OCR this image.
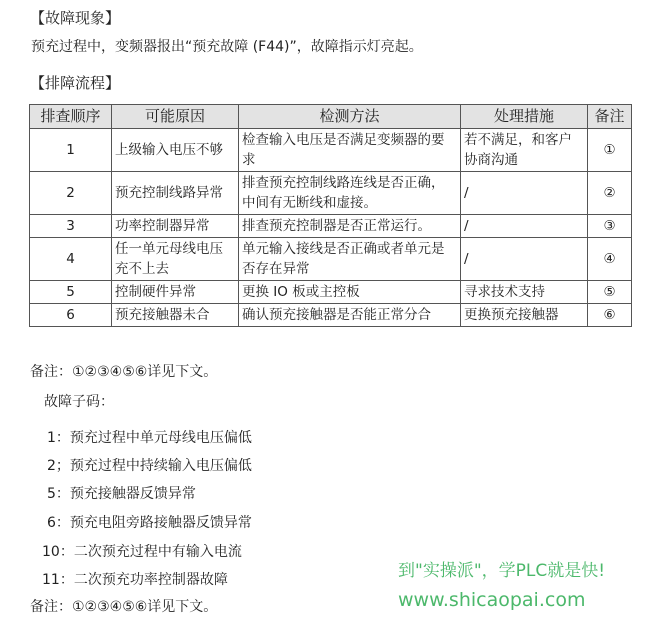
【故障现象】
预充过程中，变频器报出“预充故障 (F44)”，故障指示灯亮起。
【排障流程】
排查顺序	可能原因	检测方法	处理措施	备注
1	上级输入电压不够	检查输入电压是否满足变频器的要求	若不满足，和客户协商沟通	①
2	预充控制线路异常	排查预充控制线路连线是否正确，中间有无断线和虚接。	/	②
3	功率控制器异常	排查预充控制器是否正常运行。	/	③
4	任一单元母线电压充不上去	单元输入接线是否正确或者单元是否存在异常	/	④
5	控制硬件异常	更换 IO 板或主控板	寻求技术支持	⑤
6	预充接触器未合	确认预充接触器是否能正常分合	更换预充接触器	⑥
备注：①②③④⑤⑥详见下文。
故障子码：
1：预充过程中单元母线电压偏低
2；预充过程中持续输入电压偏低
5：预充接触器反馈异常
6：预充电阻旁路接触器反馈异常
10：二次预充过程中有输入电流
11：二次预充功率控制器故障
备注：①②③④⑤⑥详见下文。
到"实操派"，学PLC就是快!
www.shicaopai.com
